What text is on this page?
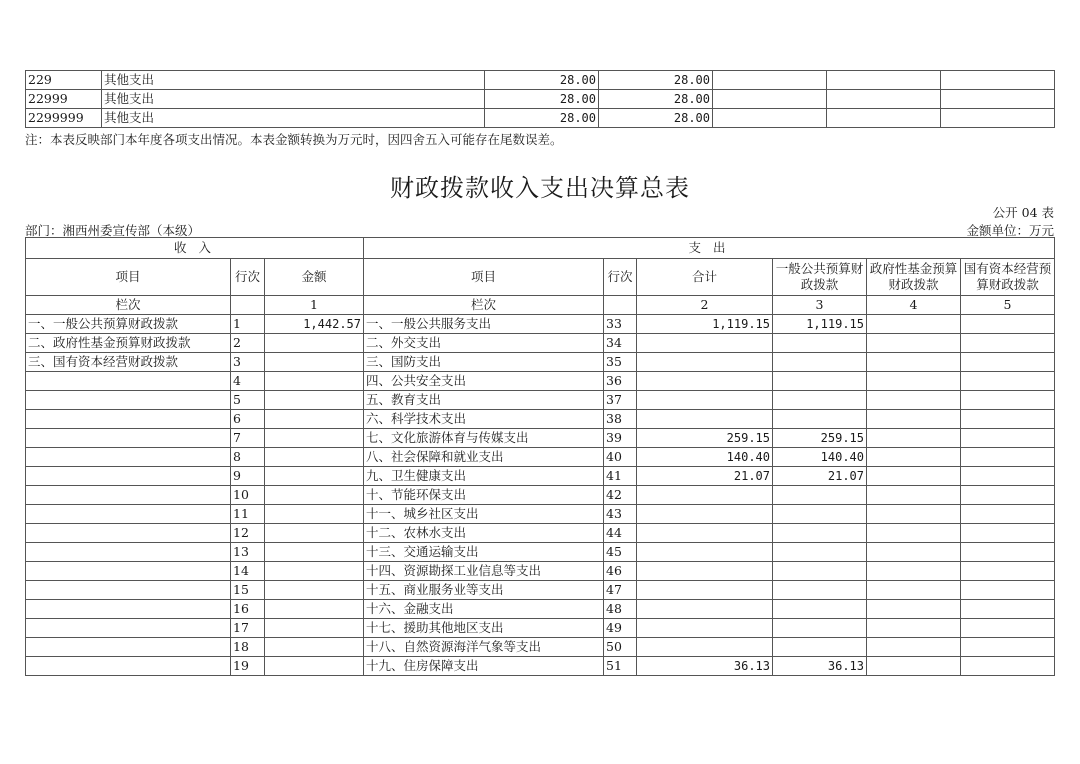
229	其他支出	28.00	28.00			
22999	其他支出	28.00	28.00			
2299999	其他支出	28.00	28.00			
注：本表反映部门本年度各项支出情况。本表金额转换为万元时，因四舍五入可能存在尾数误差。
财政拨款收入支出决算总表
公开 04 表
部门：湘西州委宣传部（本级）	金额单位：万元
收 入			支 出					
项目	行次	金额	项目	行次	合计	一般公共预算财政拨款	政府性基金预算财政拨款	国有资本经营预算财政拨款
栏次		1	栏次		2	3	4	5
一、一般公共预算财政拨款	1	1,442.57	一、一般公共服务支出	33	1,119.15	1,119.15		
二、政府性基金预算财政拨款	2		二、外交支出	34				
三、国有资本经营财政拨款	3		三、国防支出	35				
	4		四、公共安全支出	36				
	5		五、教育支出	37				
	6		六、科学技术支出	38				
	7		七、文化旅游体育与传媒支出	39	259.15	259.15		
	8		八、社会保障和就业支出	40	140.40	140.40		
	9		九、卫生健康支出	41	21.07	21.07		
	10		十、节能环保支出	42				
	11		十一、城乡社区支出	43				
	12		十二、农林水支出	44				
	13		十三、交通运输支出	45				
	14		十四、资源勘探工业信息等支出	46				
	15		十五、商业服务业等支出	47				
	16		十六、金融支出	48				
	17		十七、援助其他地区支出	49				
	18		十八、自然资源海洋气象等支出	50				
	19		十九、住房保障支出	51	36.13	36.13		
